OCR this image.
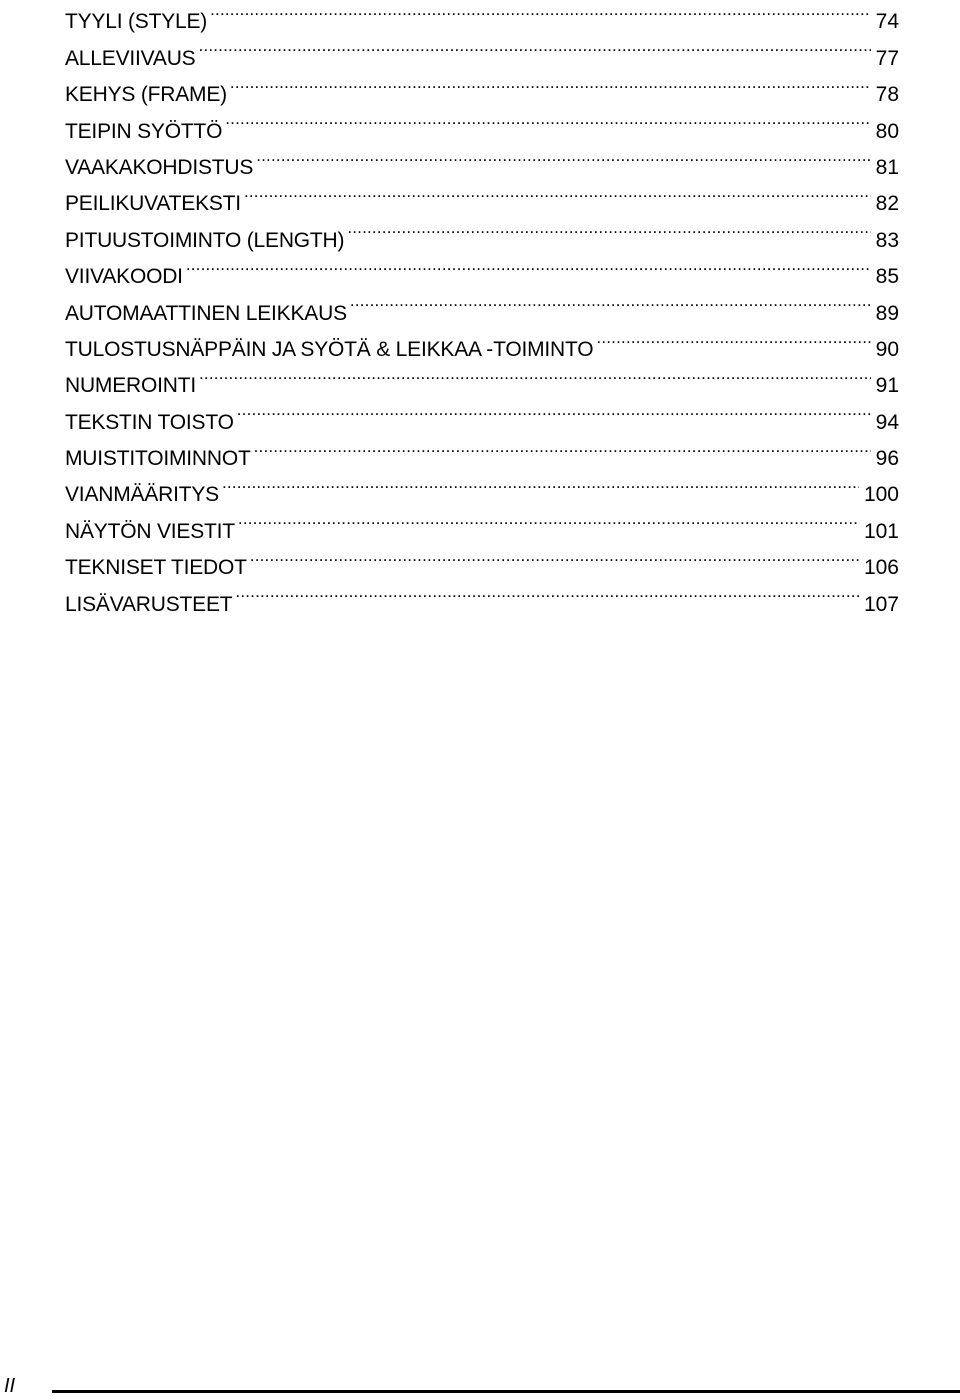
TYYLI (STYLE) .....	74
ALLEVIIVAUS .....	77
KEHYS (FRAME) .....	78
TEIPIN SYÖTTÖ .....	80
VAAKAKOHDISTUS .....	81
PEILIKUVATEKSTI .....	82
PITUUSTOIMINTO (LENGTH) .....	83
VIIVAKOODI .....	85
AUTOMAATTINEN LEIKKAUS .....	89
TULOSTUSNÄPPÄIN JA SYÖTÄ & LEIKKAA -TOIMINTO .....	90
NUMEROINTI .....	91
TEKSTIN TOISTO .....	94
MUISTITOIMINNOT .....	96
VIANMÄÄRITYS .....	100
NÄYTÖN VIESTIT .....	101
TEKNISET TIEDOT .....	106
LISÄVARUSTEET .....	107
II
